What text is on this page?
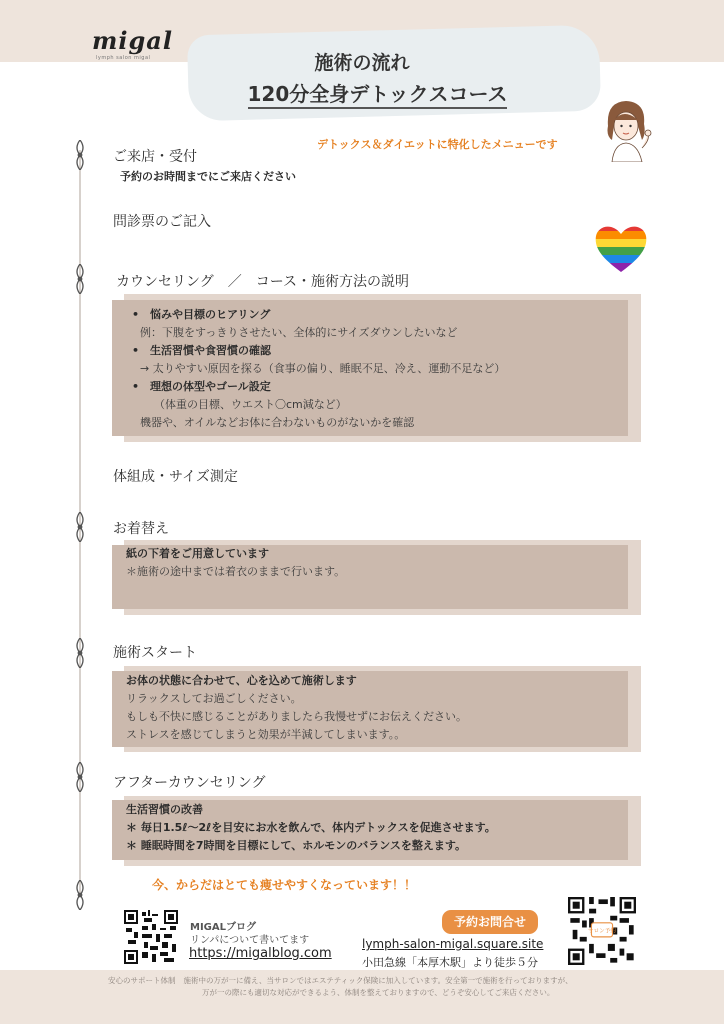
migal
lymph salon migal	施術の流れ
120分全身デトックスコース
デトックス＆ダイエットに特化したメニューです
ご来店・受付
予約のお時間までにご来店ください
問診票のご記入
カウンセリング　／　コース・施術方法の説明
• 悩みや目標のヒアリング
例：下腹をすっきりさせたい、全体的にサイズダウンしたいなど
• 生活習慣や食習慣の確認
→ 太りやすい原因を探る（食事の偏り、睡眠不足、冷え、運動不足など）
• 理想の体型やゴール設定
（体重の目標、ウエスト〇cm減など）
機器や、オイルなどお体に合わないものがないかを確認
体組成・サイズ測定
お着替え
紙の下着をご用意しています
＊施術の途中までは着衣のままで行います。
施術スタート
お体の状態に合わせて、心を込めて施術します
リラックスしてお過ごしください。
もしも不快に感じることがありましたら我慢せずにお伝えください。
ストレスを感じてしまうと効果が半減してしまいます。。
アフターカウンセリング
生活習慣の改善
＊ 毎日1.5ℓ〜2ℓを目安にお水を飲んで、体内デトックスを促進させます。
＊ 睡眠時間を7時間を目標にして、ホルモンのバランスを整えます。
今、からだはとても痩せやすくなっています！！
MIGALブログ
リンパについて書いてます
https://migalblog.com
予約お問合せ
lymph-salon-migal.square.site
小田急線「本厚木駅」より徒歩５分
サロン予約
安心のサポート体制 施術中の万が一に備え、当サロンではエステティック保険に加入しています。安全第一で施術を行っておりますが、
万が一の際にも適切な対応ができるよう、体制を整えておりますので、どうぞ安心してご来店ください。
